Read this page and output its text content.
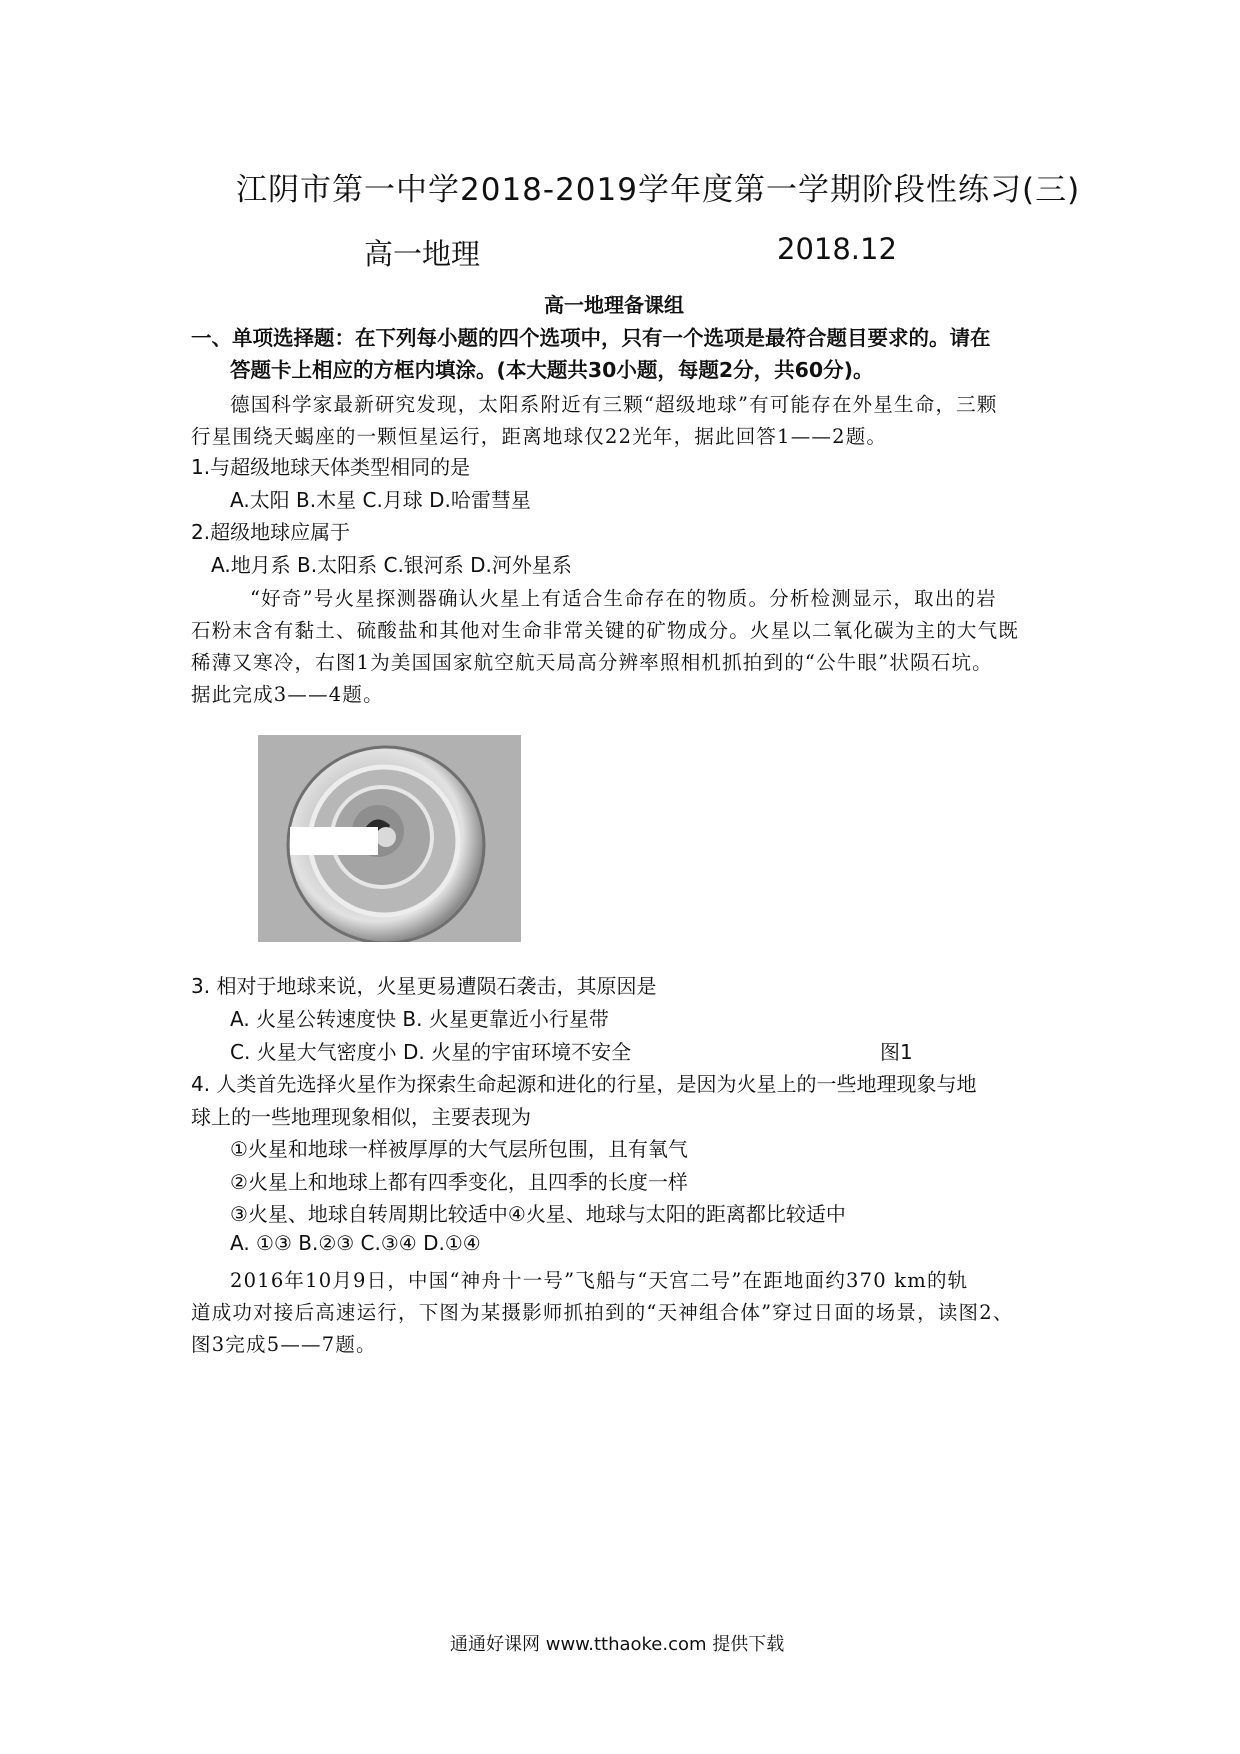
江阴市第一中学2018-2019学年度第一学期阶段性练习(三)
高一地理	2018.12
高一地理备课组
一、单项选择题：在下列每小题的四个选项中，只有一个选项是最符合题目要求的。请在
答题卡上相应的方框内填涂。(本大题共30小题，每题2分，共60分)。
德国科学家最新研究发现，太阳系附近有三颗“超级地球”有可能存在外星生命，三颗
行星围绕天蝎座的一颗恒星运行，距离地球仅22光年，据此回答1——2题。
1.与超级地球天体类型相同的是
A.太阳 B.木星 C.月球 D.哈雷彗星
2.超级地球应属于
A.地月系 B.太阳系 C.银河系 D.河外星系
“好奇”号火星探测器确认火星上有适合生命存在的物质。分析检测显示，取出的岩
石粉末含有黏土、硫酸盐和其他对生命非常关键的矿物成分。火星以二氧化碳为主的大气既
稀薄又寒冷，右图1为美国国家航空航天局高分辨率照相机抓拍到的“公牛眼”状陨石坑。
据此完成3——4题。
3. 相对于地球来说，火星更易遭陨石袭击，其原因是
A. 火星公转速度快 B. 火星更靠近小行星带
C. 火星大气密度小 D. 火星的宇宙环境不安全	图1
4. 人类首先选择火星作为探索生命起源和进化的行星，是因为火星上的一些地理现象与地
球上的一些地理现象相似，主要表现为
①火星和地球一样被厚厚的大气层所包围，且有氧气
②火星上和地球上都有四季变化，且四季的长度一样
③火星、地球自转周期比较适中④火星、地球与太阳的距离都比较适中
A. ①③ B.②③ C.③④ D.①④
2016年10月9日，中国“神舟十一号”飞船与“天宫二号”在距地面约370 km的轨
道成功对接后高速运行，下图为某摄影师抓拍到的“天神组合体”穿过日面的场景，读图2、
图3完成5——7题。
通通好课网 www.tthaoke.com 提供下载
